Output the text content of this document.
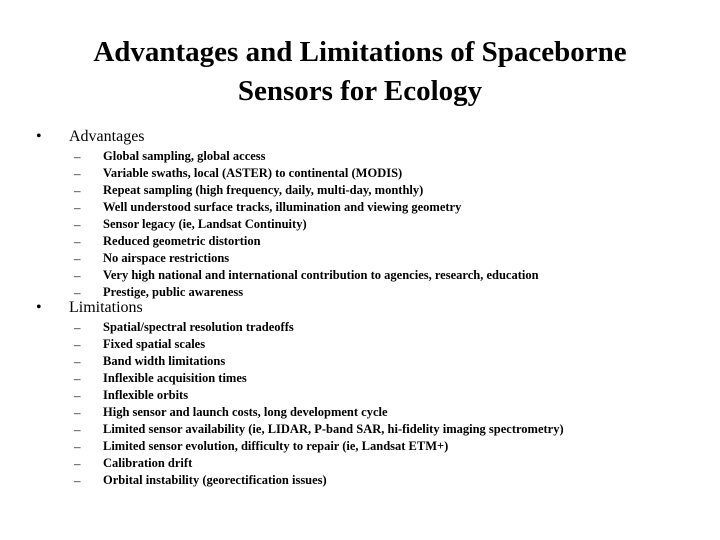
Advantages and Limitations of Spaceborne
Sensors for Ecology
• Advantages
– Global sampling, global access
– Variable swaths, local (ASTER) to continental (MODIS)
– Repeat sampling (high frequency, daily, multi-day, monthly)
– Well understood surface tracks, illumination and viewing geometry
– Sensor legacy (ie, Landsat Continuity)
– Reduced geometric distortion
– No airspace restrictions
– Very high national and international contribution to agencies, research, education
– Prestige, public awareness
• Limitations
– Spatial/spectral resolution tradeoffs
– Fixed spatial scales
– Band width limitations
– Inflexible acquisition times
– Inflexible orbits
– High sensor and launch costs, long development cycle
– Limited sensor availability (ie, LIDAR, P-band SAR, hi-fidelity imaging spectrometry)
– Limited sensor evolution, difficulty to repair (ie, Landsat ETM+)
– Calibration drift
– Orbital instability (georectification issues)
